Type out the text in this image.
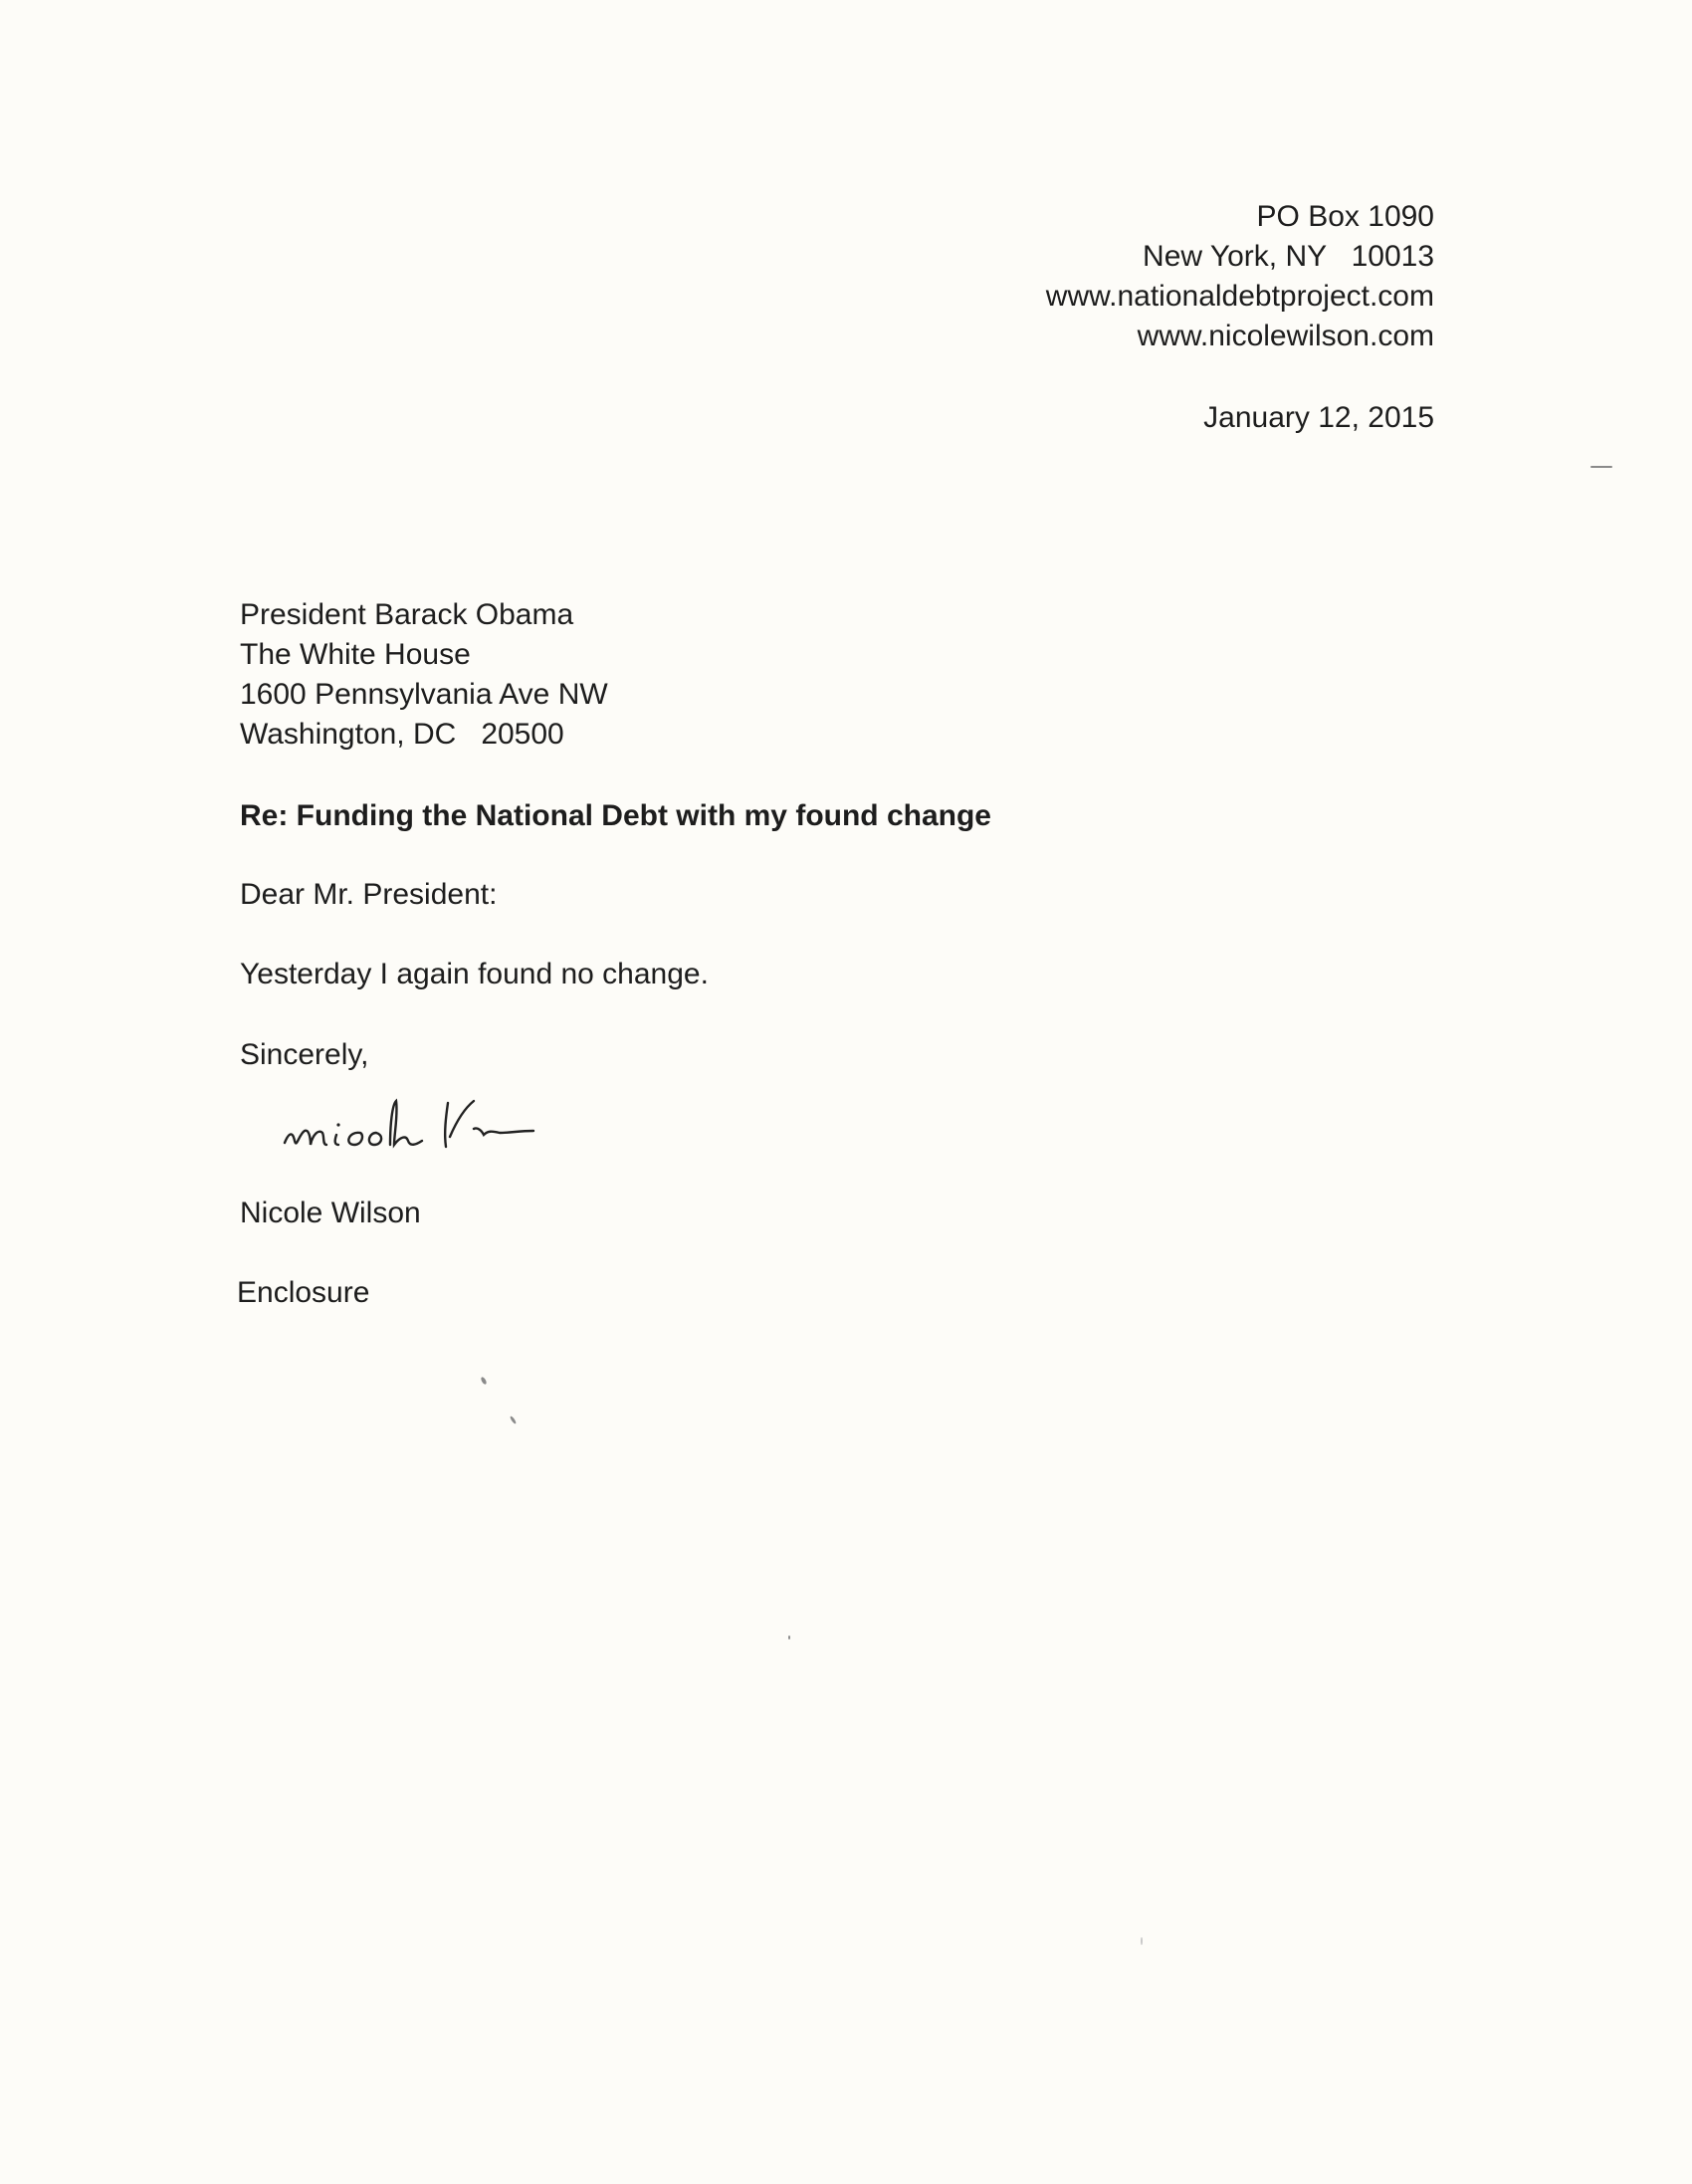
PO Box 1090
New York, NY   10013
www.nationaldebtproject.com
www.nicolewilson.com
January 12, 2015
President Barack Obama
The White House
1600 Pennsylvania Ave NW
Washington, DC   20500
Re: Funding the National Debt with my found change
Dear Mr. President:
Yesterday I again found no change.
Sincerely,
Nicole Wilson
Enclosure
